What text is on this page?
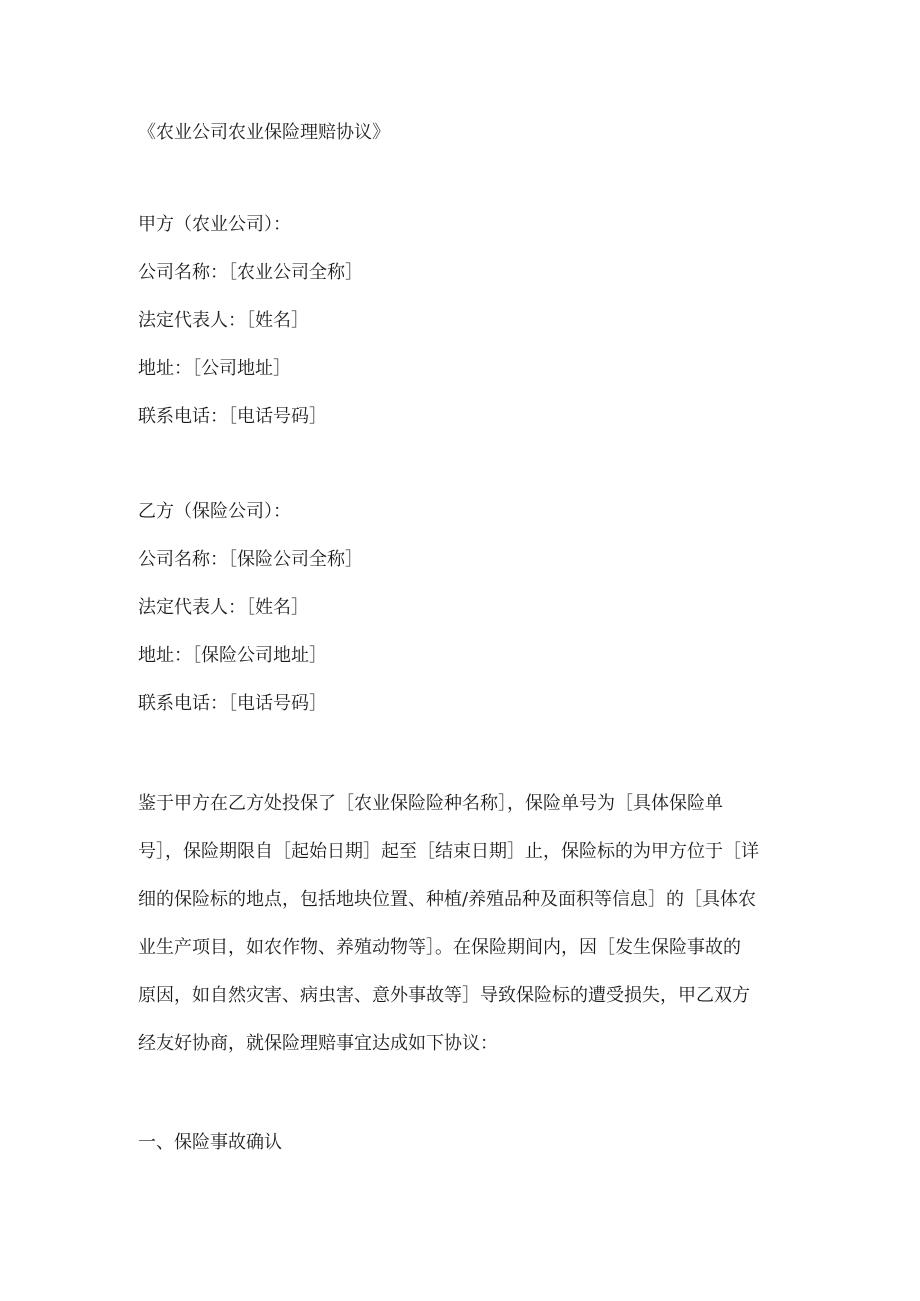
《农业公司农业保险理赔协议》
甲方（农业公司）：
公司名称：［农业公司全称］
法定代表人：［姓名］
地址：［公司地址］
联系电话：［电话号码］
乙方（保险公司）：
公司名称：［保险公司全称］
法定代表人：［姓名］
地址：［保险公司地址］
联系电话：［电话号码］
鉴于甲方在乙方处投保了［农业保险险种名称］，保险单号为［具体保险单
号］，保险期限自［起始日期］起至［结束日期］止，保险标的为甲方位于［详
细的保险标的地点，包括地块位置、种植/养殖品种及面积等信息］的［具体农
业生产项目，如农作物、养殖动物等］。在保险期间内，因［发生保险事故的
原因，如自然灾害、病虫害、意外事故等］导致保险标的遭受损失，甲乙双方
经友好协商，就保险理赔事宜达成如下协议：
一、保险事故确认
